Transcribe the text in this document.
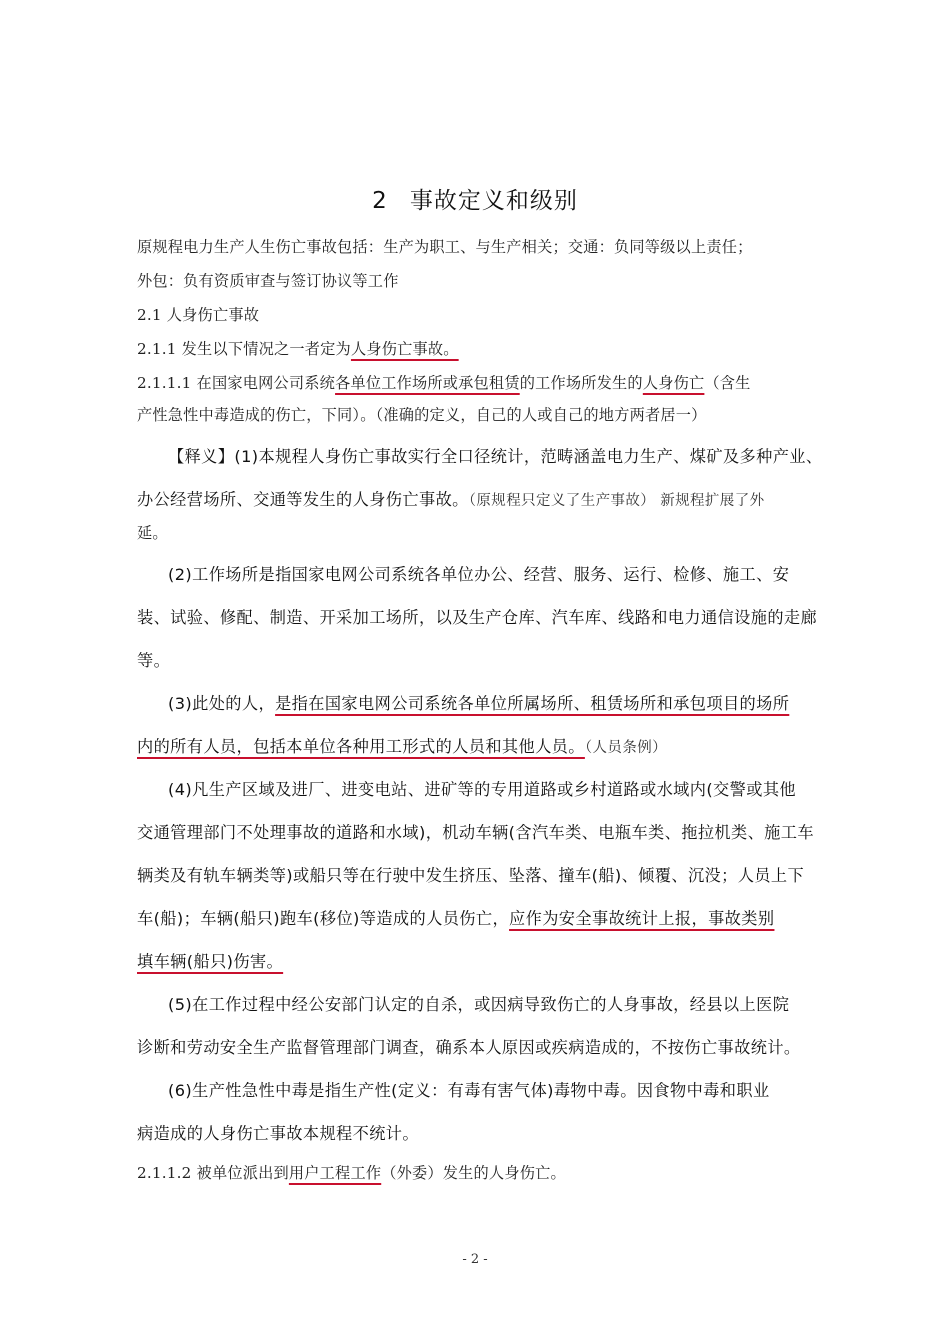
2 事故定义和级别
原规程电力生产人生伤亡事故包括：生产为职工、与生产相关；交通：负同等级以上责任；
外包：负有资质审查与签订协议等工作
2.1 人身伤亡事故
2.1.1 发生以下情况之一者定为人身伤亡事故。
2.1.1.1 在国家电网公司系统各单位工作场所或承包租赁的工作场所发生的人身伤亡（含生
产性急性中毒造成的伤亡，下同）。（准确的定义，自己的人或自己的地方两者居一）
【释义】(1)本规程人身伤亡事故实行全口径统计，范畴涵盖电力生产、煤矿及多种产业、
办公经营场所、交通等发生的人身伤亡事故。（原规程只定义了生产事故） 新规程扩展了外
延。
(2)工作场所是指国家电网公司系统各单位办公、经营、服务、运行、检修、施工、安
装、试验、修配、制造、开采加工场所，以及生产仓库、汽车库、线路和电力通信设施的走廊
等。
(3)此处的人，是指在国家电网公司系统各单位所属场所、租赁场所和承包项目的场所
内的所有人员，包括本单位各种用工形式的人员和其他人员。（人员条例）
(4)凡生产区域及进厂、进变电站、进矿等的专用道路或乡村道路或水域内(交警或其他
交通管理部门不处理事故的道路和水域)，机动车辆(含汽车类、电瓶车类、拖拉机类、施工车
辆类及有轨车辆类等)或船只等在行驶中发生挤压、坠落、撞车(船)、倾覆、沉没；人员上下
车(船)；车辆(船只)跑车(移位)等造成的人员伤亡，应作为安全事故统计上报，事故类别
填车辆(船只)伤害。
(5)在工作过程中经公安部门认定的自杀，或因病导致伤亡的人身事故，经县以上医院
诊断和劳动安全生产监督管理部门调查，确系本人原因或疾病造成的，不按伤亡事故统计。
(6)生产性急性中毒是指生产性(定义：有毒有害气体)毒物中毒。因食物中毒和职业
病造成的人身伤亡事故本规程不统计。
2.1.1.2 被单位派出到用户工程工作（外委）发生的人身伤亡。
- 2 -
